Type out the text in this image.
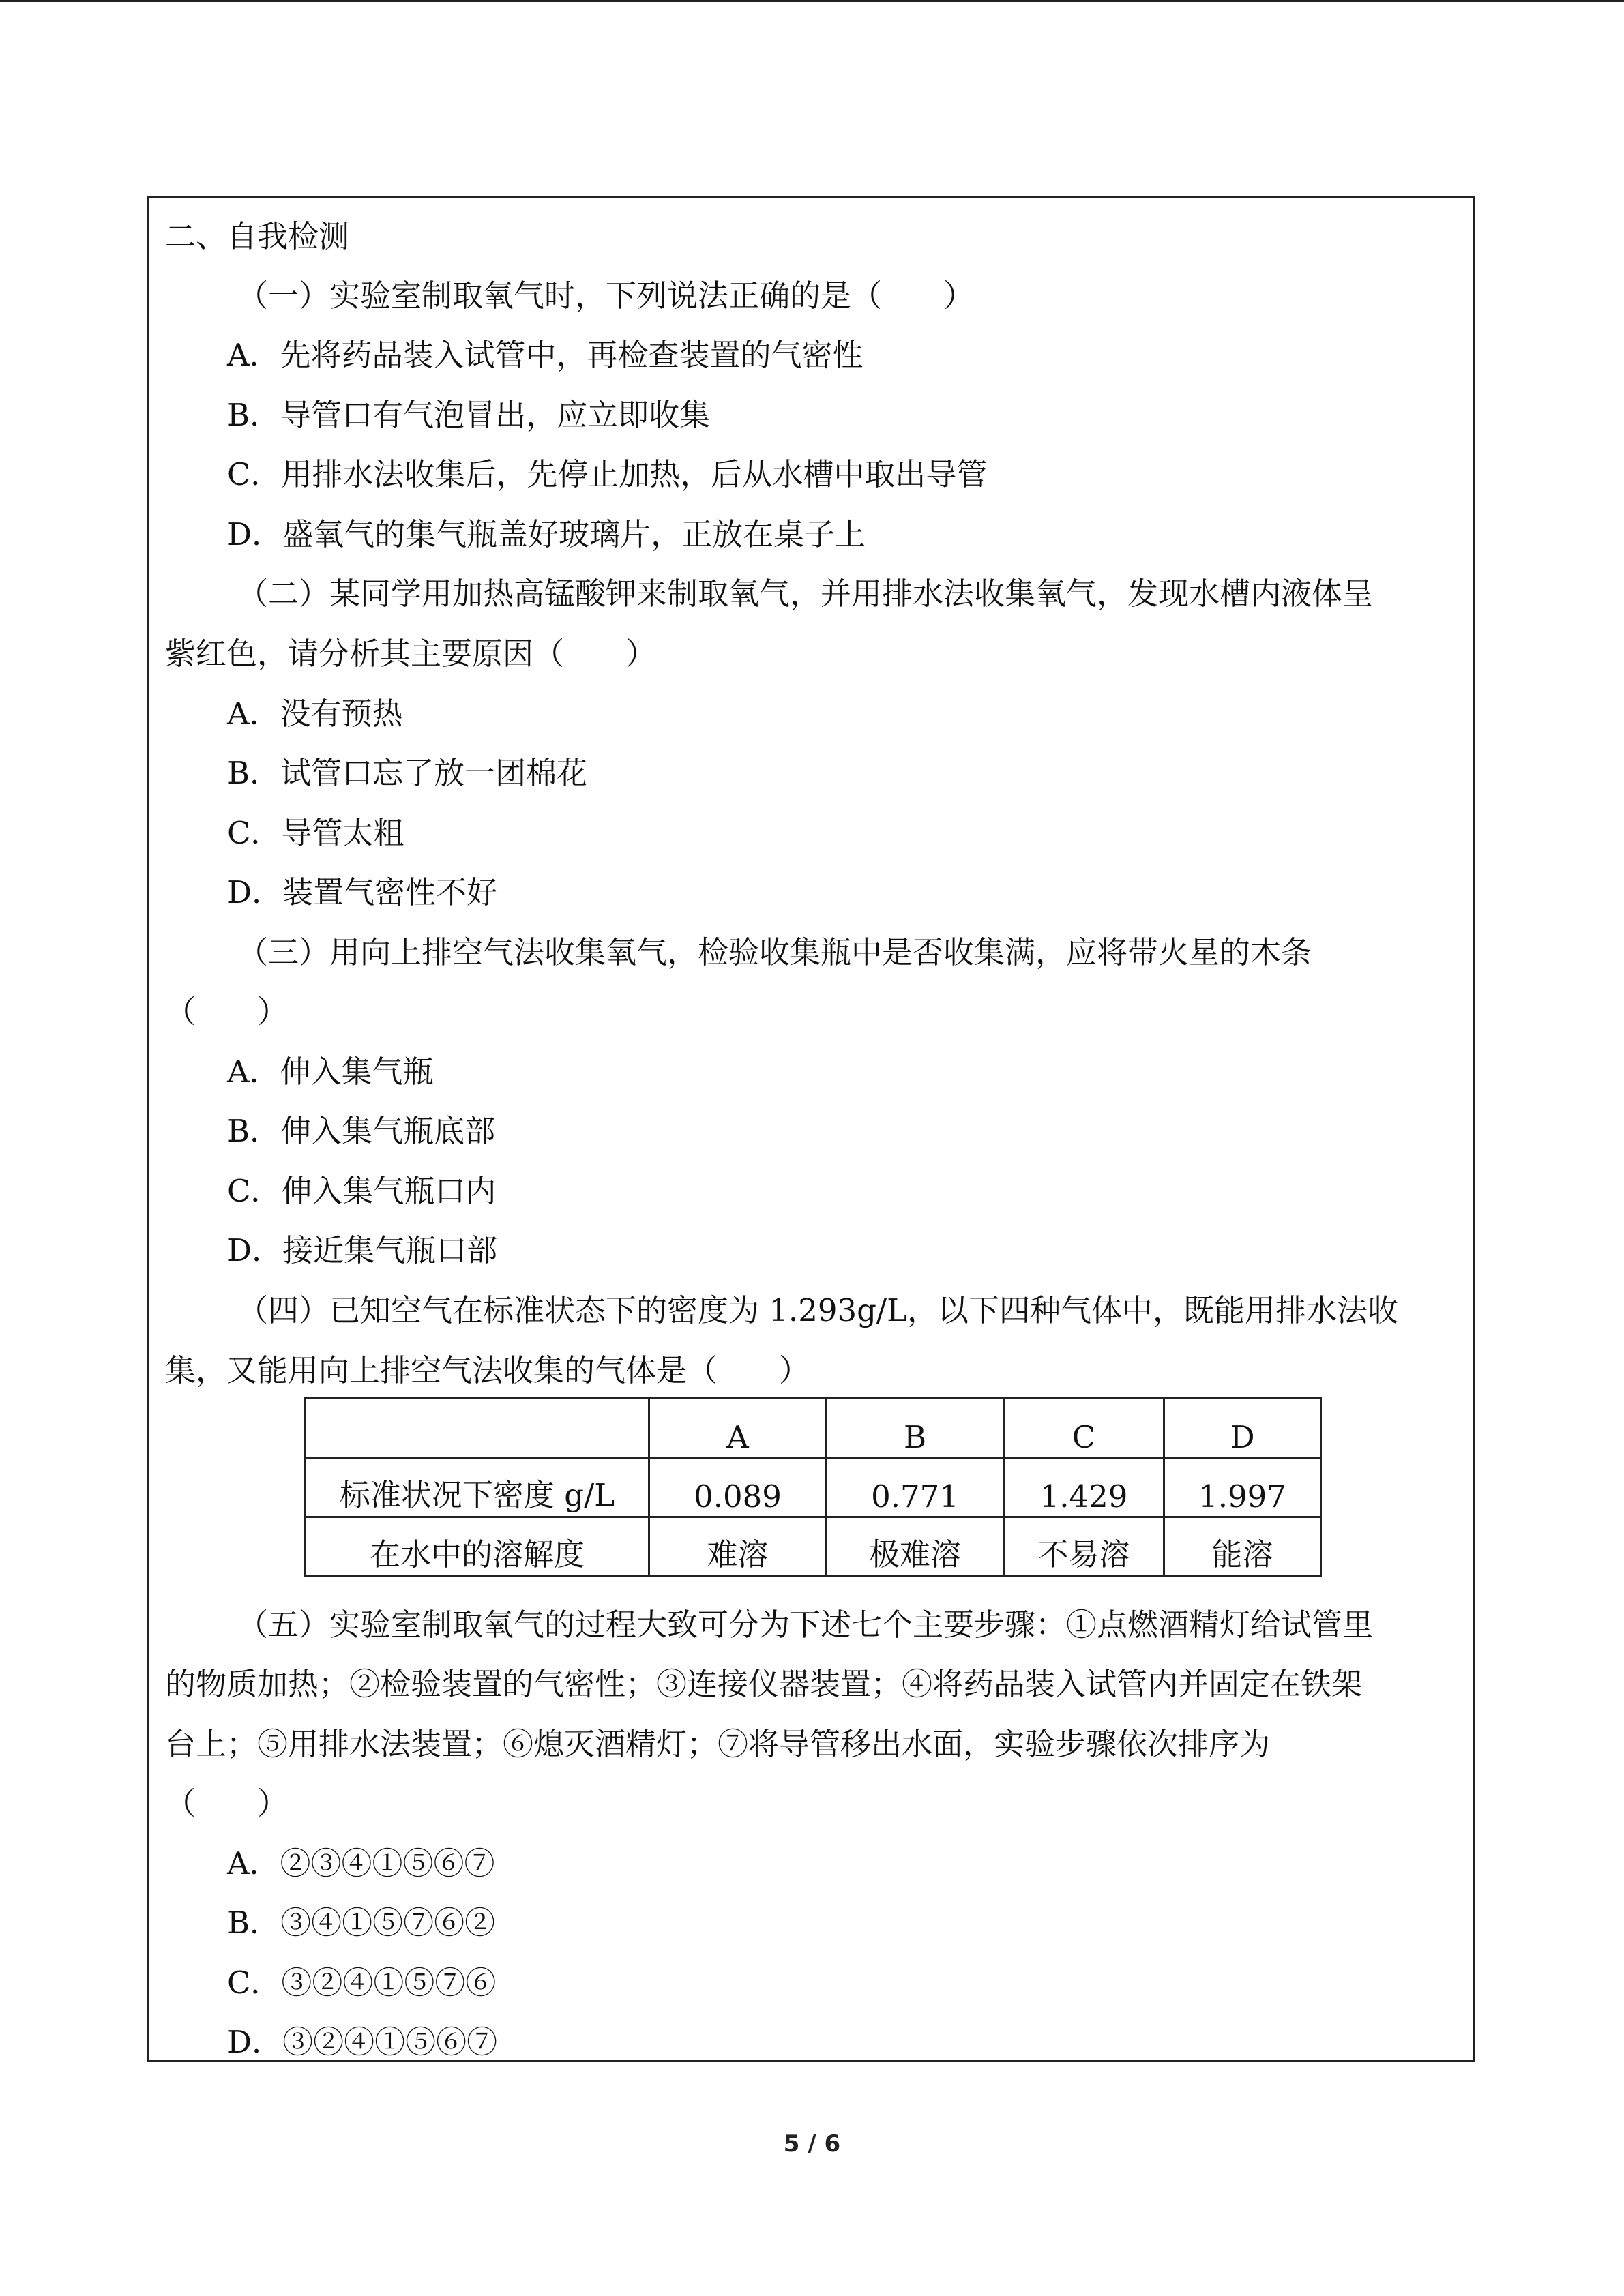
二、自我检测
（一）实验室制取氧气时，下列说法正确的是（　　）
A．先将药品装入试管中，再检查装置的气密性
B．导管口有气泡冒出，应立即收集
C．用排水法收集后，先停止加热，后从水槽中取出导管
D．盛氧气的集气瓶盖好玻璃片，正放在桌子上
（二）某同学用加热高锰酸钾来制取氧气，并用排水法收集氧气，发现水槽内液体呈
紫红色，请分析其主要原因（　　）
A．没有预热
B．试管口忘了放一团棉花
C．导管太粗
D．装置气密性不好
（三）用向上排空气法收集氧气，检验收集瓶中是否收集满，应将带火星的木条
（　　）
A．伸入集气瓶
B．伸入集气瓶底部
C．伸入集气瓶口内
D．接近集气瓶口部
（四）已知空气在标准状态下的密度为 1.293g/L，以下四种气体中，既能用排水法收
集，又能用向上排空气法收集的气体是（　　）
	A	B	C	D
标准状况下密度 g/L	0.089	0.771	1.429	1.997
在水中的溶解度	难溶	极难溶	不易溶	能溶
（五）实验室制取氧气的过程大致可分为下述七个主要步骤：①点燃酒精灯给试管里
的物质加热；②检验装置的气密性；③连接仪器装置；④将药品装入试管内并固定在铁架
台上；⑤用排水法装置；⑥熄灭酒精灯；⑦将导管移出水面，实验步骤依次排序为
（　　）
A．②③④①⑤⑥⑦
B．③④①⑤⑦⑥②
C．③②④①⑤⑦⑥
D．③②④①⑤⑥⑦
5 / 6
